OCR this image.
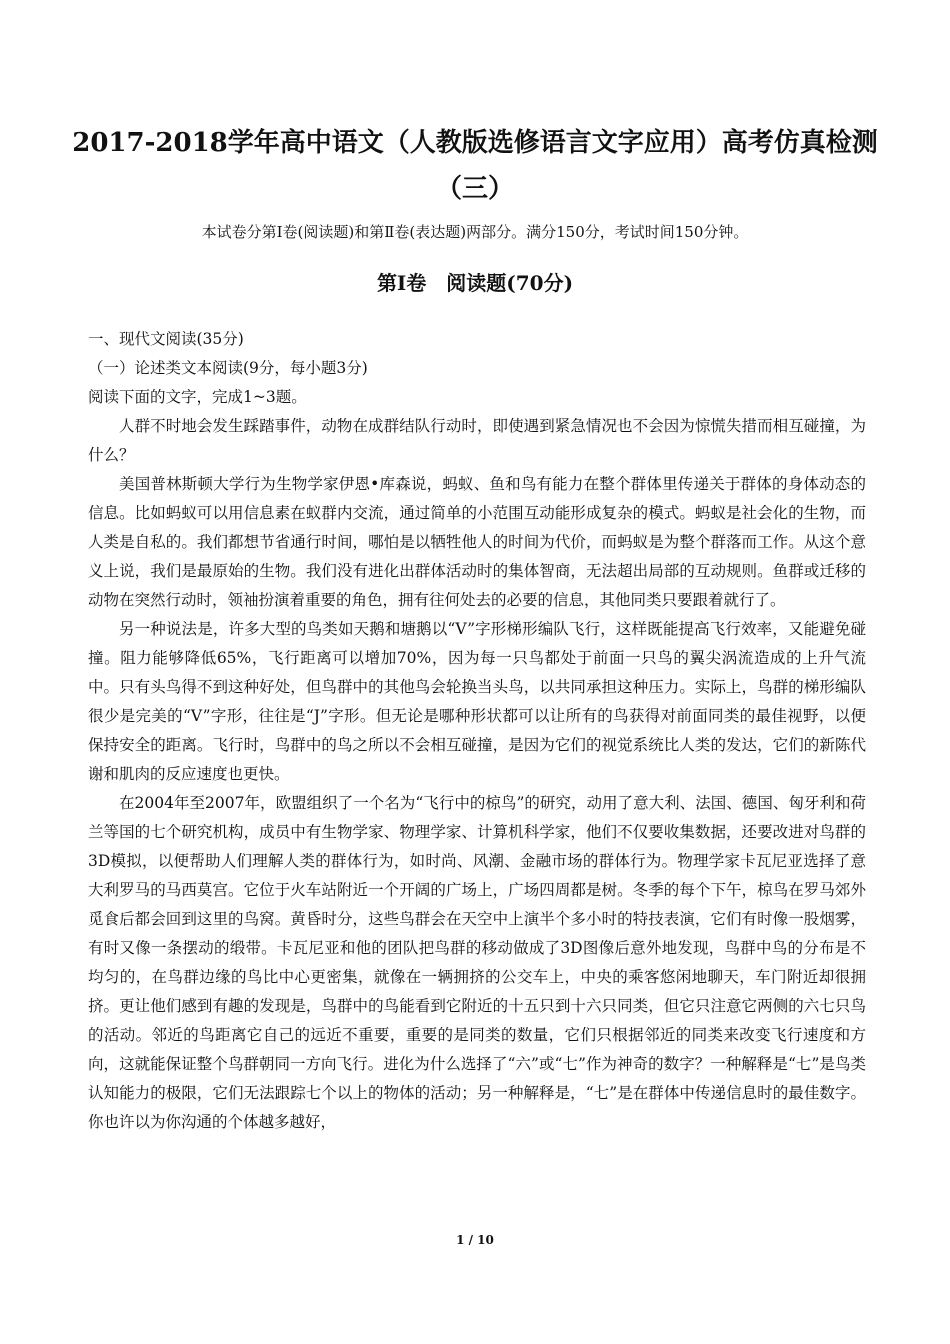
2017-2018学年高中语文（人教版选修语言文字应用）高考仿真检测
（三）
本试卷分第Ⅰ卷(阅读题)和第Ⅱ卷(表达题)两部分。满分150分，考试时间150分钟。
第Ⅰ卷　阅读题(70分)

一、现代文阅读(35分)

（一）论述类文本阅读(9分，每小题3分)

阅读下面的文字，完成1~3题。

人群不时地会发生踩踏事件，动物在成群结队行动时，即使遇到紧急情况也不会因为惊慌失措而相互碰撞，为什么？

美国普林斯顿大学行为生物学家伊恩•库森说，蚂蚁、鱼和鸟有能力在整个群体里传递关于群体的身体动态的信息。比如蚂蚁可以用信息素在蚁群内交流，通过简单的小范围互动能形成复杂的模式。蚂蚁是社会化的生物，而人类是自私的。我们都想节省通行时间，哪怕是以牺牲他人的时间为代价，而蚂蚁是为整个群落而工作。从这个意义上说，我们是最原始的生物。我们没有进化出群体活动时的集体智商，无法超出局部的互动规则。鱼群或迁移的动物在突然行动时，领袖扮演着重要的角色，拥有往何处去的必要的信息，其他同类只要跟着就行了。

另一种说法是，许多大型的鸟类如天鹅和塘鹅以“V”字形梯形编队飞行，这样既能提高飞行效率，又能避免碰撞。阻力能够降低65%，飞行距离可以增加70%，因为每一只鸟都处于前面一只鸟的翼尖涡流造成的上升气流中。只有头鸟得不到这种好处，但鸟群中的其他鸟会轮换当头鸟，以共同承担这种压力。实际上，鸟群的梯形编队很少是完美的“V”字形，往往是“J”字形。但无论是哪种形状都可以让所有的鸟获得对前面同类的最佳视野，以便保持安全的距离。飞行时，鸟群中的鸟之所以不会相互碰撞，是因为它们的视觉系统比人类的发达，它们的新陈代谢和肌肉的反应速度也更快。

在2004年至2007年，欧盟组织了一个名为“飞行中的椋鸟”的研究，动用了意大利、法国、德国、匈牙利和荷兰等国的七个研究机构，成员中有生物学家、物理学家、计算机科学家，他们不仅要收集数据，还要改进对鸟群的3D模拟，以便帮助人们理解人类的群体行为，如时尚、风潮、金融市场的群体行为。物理学家卡瓦尼亚选择了意大利罗马的马西莫宫。它位于火车站附近一个开阔的广场上，广场四周都是树。冬季的每个下午，椋鸟在罗马郊外觅食后都会回到这里的鸟窝。黄昏时分，这些鸟群会在天空中上演半个多小时的特技表演，它们有时像一股烟雾，有时又像一条摆动的缎带。卡瓦尼亚和他的团队把鸟群的移动做成了3D图像后意外地发现，鸟群中鸟的分布是不均匀的，在鸟群边缘的鸟比中心更密集，就像在一辆拥挤的公交车上，中央的乘客悠闲地聊天，车门附近却很拥挤。更让他们感到有趣的发现是，鸟群中的鸟能看到它附近的十五只到十六只同类，但它只注意它两侧的六七只鸟的活动。邻近的鸟距离它自己的远近不重要，重要的是同类的数量，它们只根据邻近的同类来改变飞行速度和方向，这就能保证整个鸟群朝同一方向飞行。进化为什么选择了“六”或“七”作为神奇的数字？一种解释是“七”是鸟类认知能力的极限，它们无法跟踪七个以上的物体的活动；另一种解释是，“七”是在群体中传递信息时的最佳数字。你也许以为你沟通的个体越多越好，

1 / 10
